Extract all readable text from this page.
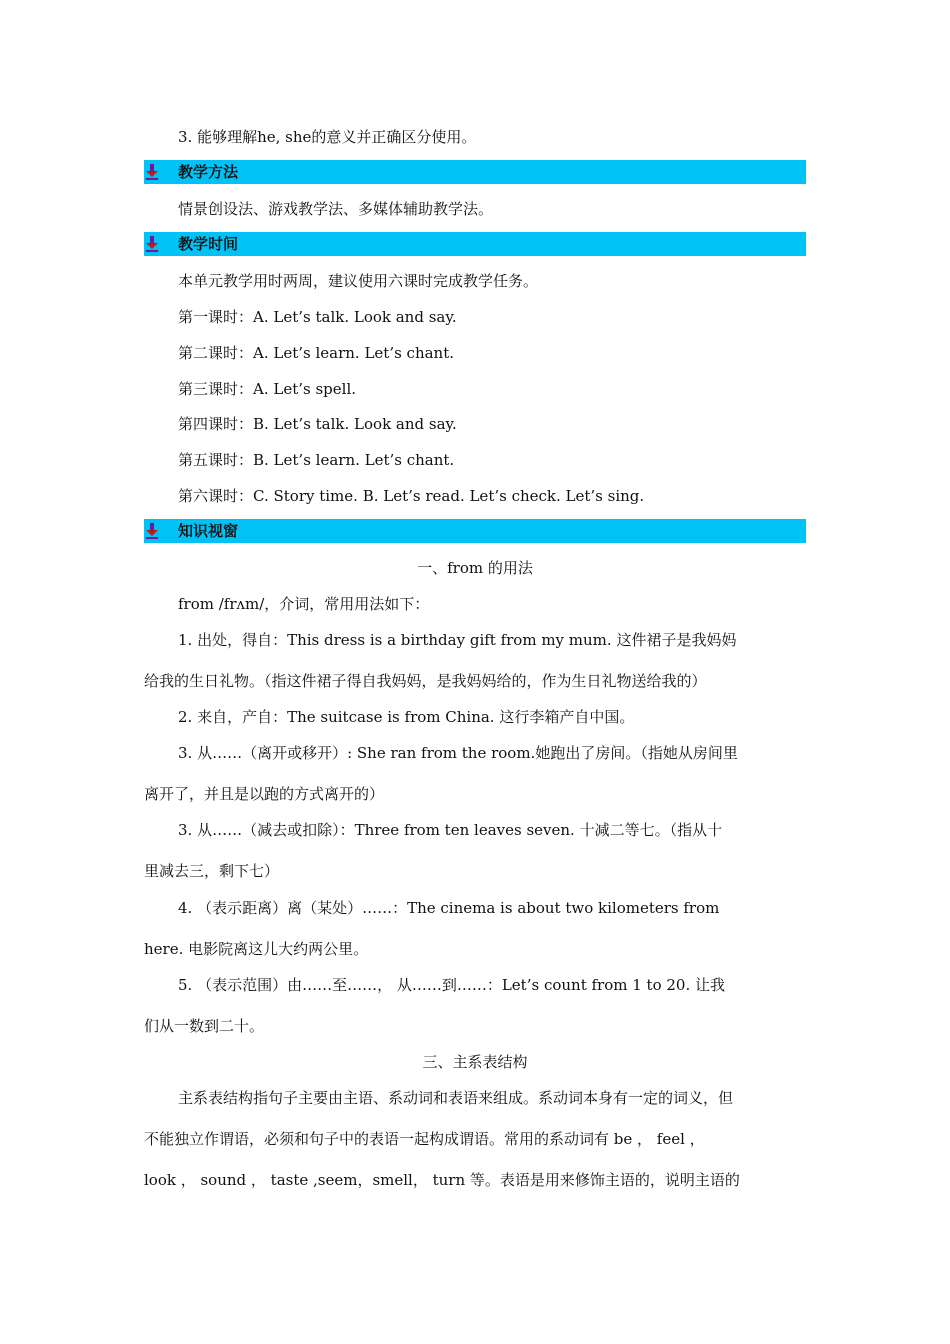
3. 能够理解he, she的意义并正确区分使用。
教学方法
情景创设法、游戏教学法、多媒体辅助教学法。
教学时间
本单元教学用时两周，建议使用六课时完成教学任务。
第一课时：A. Let’s talk. Look and say.
第二课时：A. Let’s learn. Let’s chant.
第三课时：A. Let’s spell.
第四课时：B. Let’s talk. Look and say.
第五课时：B. Let’s learn. Let’s chant.
第六课时：C. Story time. B. Let’s read. Let’s check. Let’s sing.
知识视窗
一、from 的用法
from /frʌm/，介词，常用用法如下：
1. 出处，得自：This dress is a birthday gift from my mum. 这件裙子是我妈妈
给我的生日礼物。（指这件裙子得自我妈妈，是我妈妈给的，作为生日礼物送给我的）
2. 来自，产自：The suitcase is from China. 这行李箱产自中国。
3. 从……（离开或移开）: She ran from the room.她跑出了房间。（指她从房间里
离开了，并且是以跑的方式离开的）
3. 从……（减去或扣除）：Three from ten leaves seven. 十减二等七。（指从十
里减去三，剩下七）
4. （表示距离）离（某处）……：The cinema is about two kilometers from
here. 电影院离这儿大约两公里。
5. （表示范围）由……至……， 从……到……：Let’s count from 1 to 20. 让我
们从一数到二十。
三、主系表结构
主系表结构指句子主要由主语、系动词和表语来组成。系动词本身有一定的词义，但
不能独立作谓语，必须和句子中的表语一起构成谓语。常用的系动词有 be ， feel ，
look ， sound ， taste ,seem，smell， turn 等。表语是用来修饰主语的，说明主语的
